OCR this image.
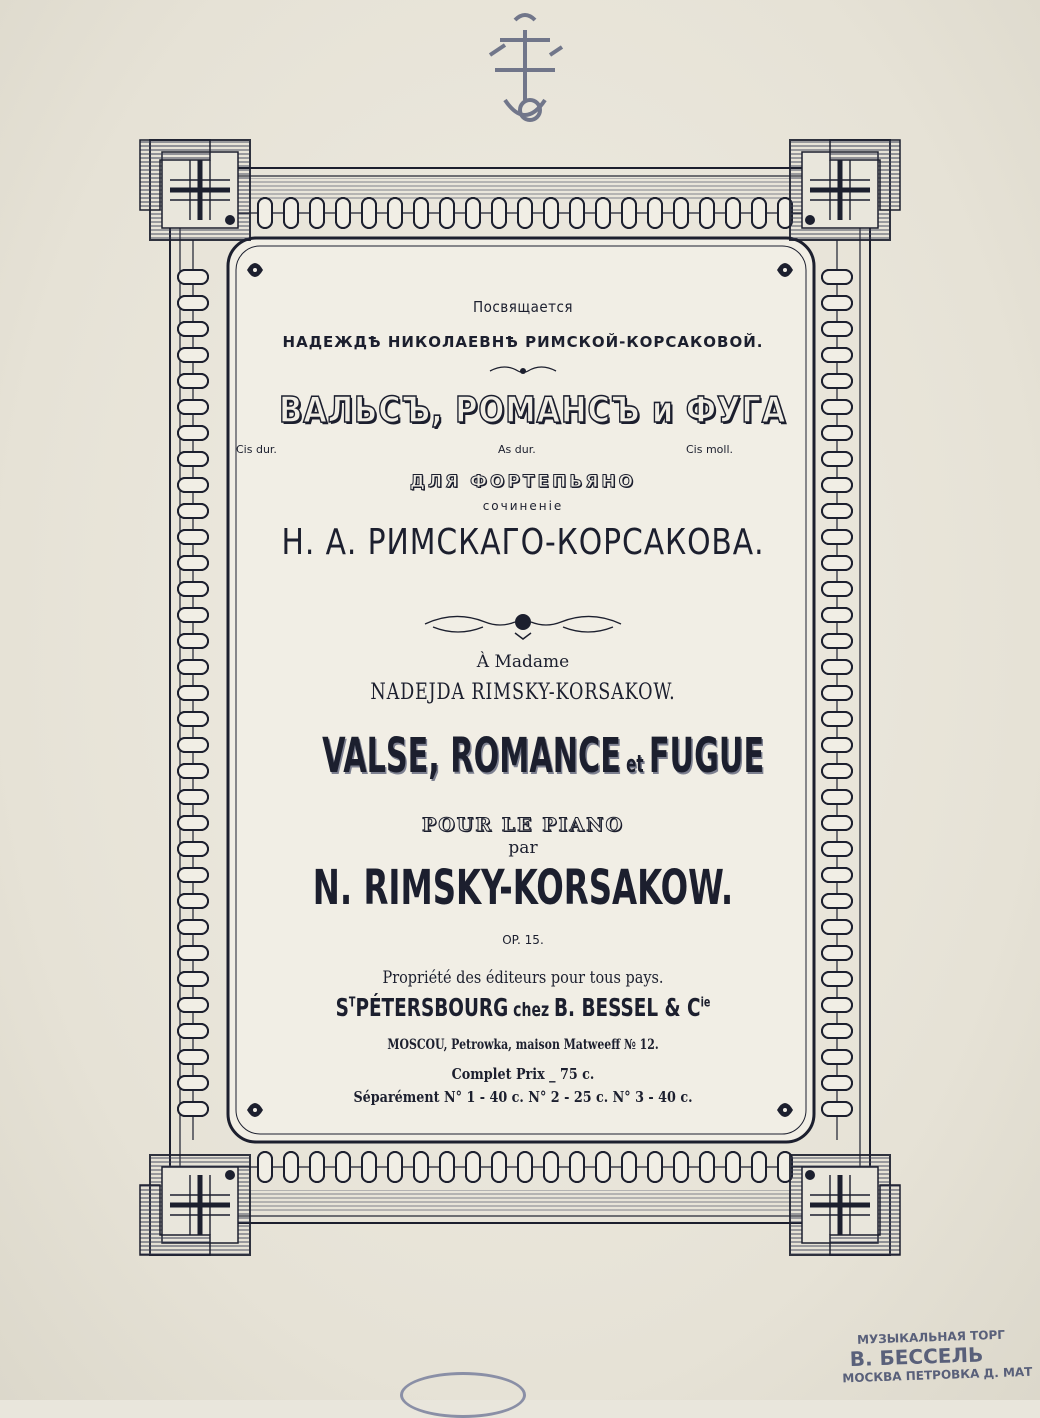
Посвящается
НАДЕЖДѢ НИКОЛАЕВНѢ РИМСКОЙ-КОРСАКОВОЙ.
ВАЛЬСЪ, РОМАНСЪ и ФУГА
Cis dur.	As dur.	Cis moll.
ДЛЯ ФОРТЕПЬЯНО
сочиненіе
Н. А. РИМСКАГО-КОРСАКОВА.
À Madame
NADEJDA RIMSKY-KORSAKOW.
VALSE, ROMANCE et FUGUE
POUR LE PIANO
par
N. RIMSKY-KORSAKOW.
OP. 15.
Propriété des éditeurs pour tous pays.
$S^TPÉTERSBOURG$ chez B. BESSEL & $C^{ie}$
MOSCOU, Petrowka, maison Matweeff № 12.
Complet Prix _ 75 c.
Séparément N° 1 - 40 c. N° 2 - 25 c. N° 3 - 40 c.
МУЗЫКАЛЬНАЯ ТОРГ
В. БЕССЕЛЬ
МОСКВА ПЕТРОВКА Д. МАТ
